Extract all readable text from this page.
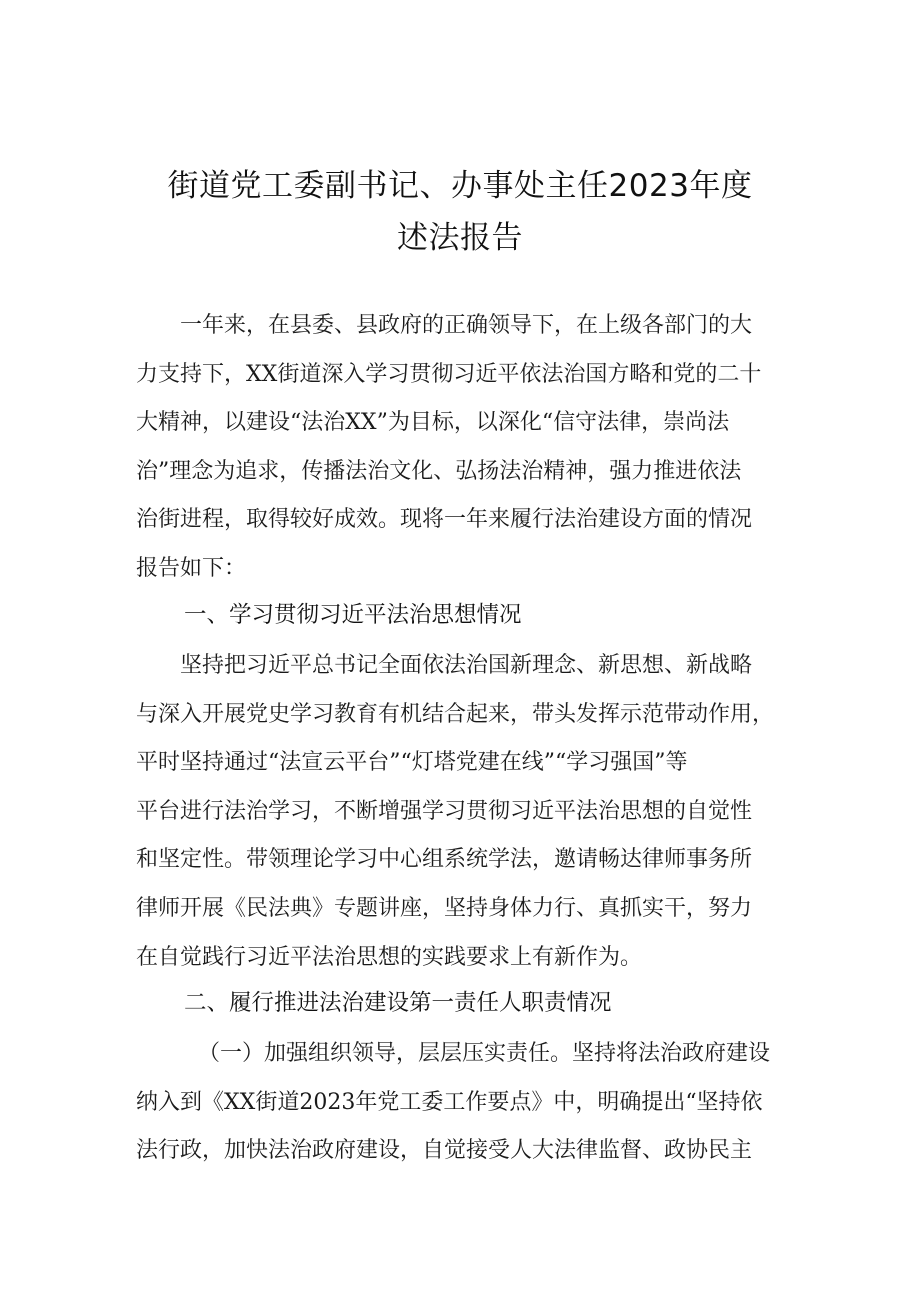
街道党工委副书记、办事处主任2023年度
述法报告
一年来，在县委、县政府的正确领导下，在上级各部门的大
力支持下，XX街道深入学习贯彻习近平依法治国方略和党的二十
大精神，以建设“法治XX”为目标，以深化“信守法律，崇尚法
治”理念为追求，传播法治文化、弘扬法治精神，强力推进依法
治街进程，取得较好成效。现将一年来履行法治建设方面的情况
报告如下：
一、学习贯彻习近平法治思想情况
坚持把习近平总书记全面依法治国新理念、新思想、新战略
与深入开展党史学习教育有机结合起来，带头发挥示范带动作用，
平时坚持通过“法宣云平台”“灯塔党建在线”“学习强国”等
平台进行法治学习，不断增强学习贯彻习近平法治思想的自觉性
和坚定性。带领理论学习中心组系统学法，邀请畅达律师事务所
律师开展《民法典》专题讲座，坚持身体力行、真抓实干，努力
在自觉践行习近平法治思想的实践要求上有新作为。
二、履行推进法治建设第一责任人职责情况
（一）加强组织领导，层层压实责任。坚持将法治政府建设
纳入到《XX街道2023年党工委工作要点》中，明确提出“坚持依
法行政，加快法治政府建设，自觉接受人大法律监督、政协民主
